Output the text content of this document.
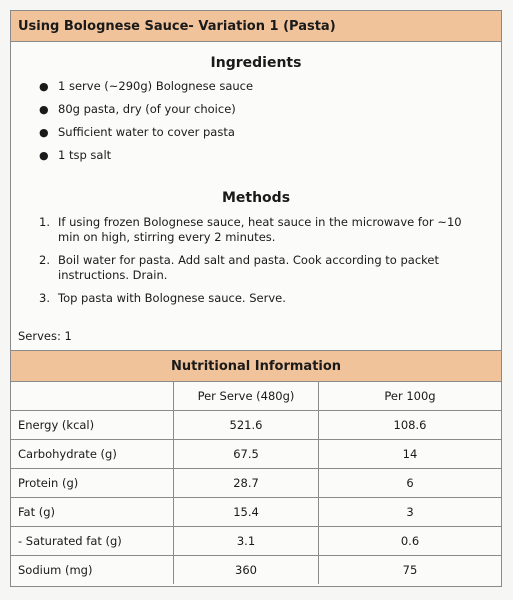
Using Bolognese Sauce- Variation 1 (Pasta)
Ingredients
● 1 serve (~290g) Bolognese sauce
● 80g pasta, dry (of your choice)
● Sufficient water to cover pasta
● 1 tsp salt
Methods
1. If using frozen Bolognese sauce, heat sauce in the microwave for ~10 min on high, stirring every 2 minutes.
2. Boil water for pasta. Add salt and pasta. Cook according to packet instructions. Drain.
3. Top pasta with Bolognese sauce. Serve.
Serves: 1
Nutritional Information
	Per Serve (480g)	Per 100g
Energy (kcal)	521.6	108.6
Carbohydrate (g)	67.5	14
Protein (g)	28.7	6
Fat (g)	15.4	3
- Saturated fat (g)	3.1	0.6
Sodium (mg)	360	75
